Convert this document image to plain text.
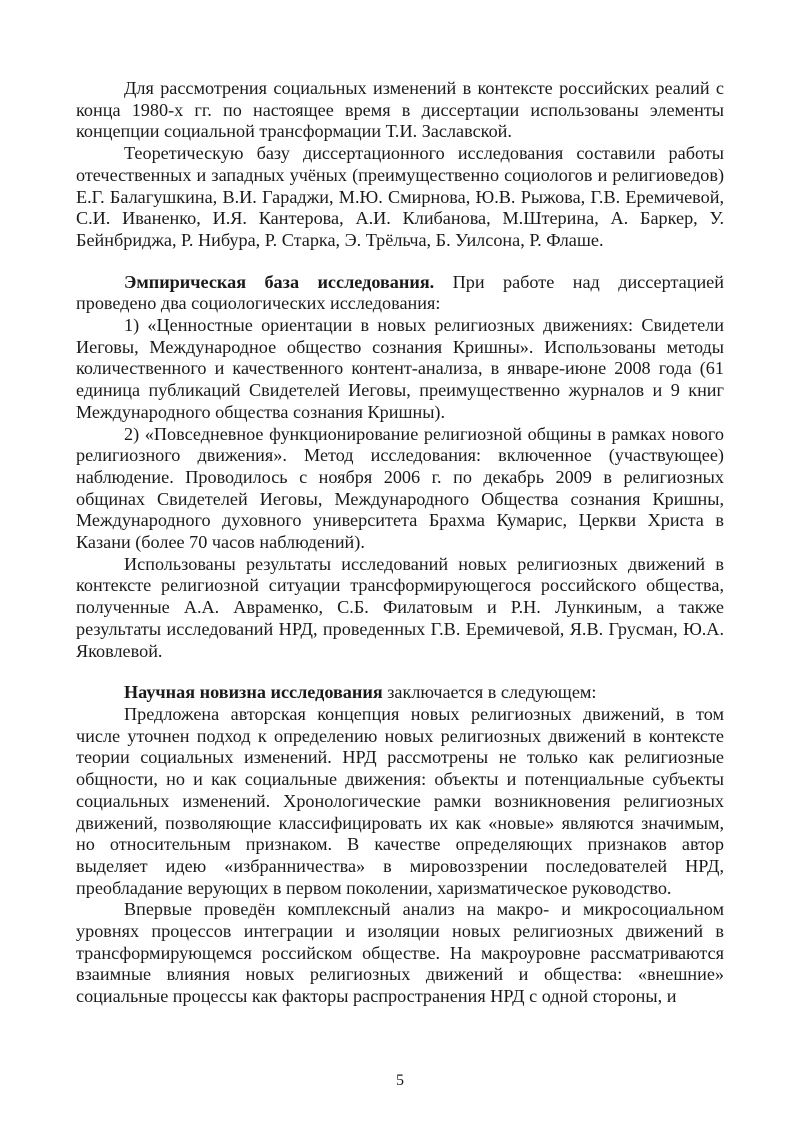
Для рассмотрения социальных изменений в контексте российских реалий с конца 1980-х гг. по настоящее время в диссертации использованы элементы концепции социальной трансформации Т.И. Заславской.

Теоретическую базу диссертационного исследования составили работы отечественных и западных учёных (преимущественно социологов и религиоведов) Е.Г. Балагушкина, В.И. Гараджи, М.Ю. Смирнова, Ю.В. Рыжова, Г.В. Еремичевой, С.И. Иваненко, И.Я. Кантерова, А.И. Клибанова, М.Штерина, А. Баркер, У. Бейнбриджа, Р. Нибура, Р. Старка, Э. Трёльча, Б. Уилсона, Р. Флаше.

Эмпирическая база исследования. При работе над диссертацией проведено два социологических исследования:

1) «Ценностные ориентации в новых религиозных движениях: Свидетели Иеговы, Международное общество сознания Кришны». Использованы методы количественного и качественного контент-анализа, в январе-июне 2008 года (61 единица публикаций Свидетелей Иеговы, преимущественно журналов и 9 книг Международного общества сознания Кришны).

2) «Повседневное функционирование религиозной общины в рамках нового религиозного движения». Метод исследования: включенное (участвующее) наблюдение. Проводилось с ноября 2006 г. по декабрь 2009 в религиозных общинах Свидетелей Иеговы, Международного Общества сознания Кришны, Международного духовного университета Брахма Кумарис, Церкви Христа в Казани (более 70 часов наблюдений).

Использованы результаты исследований новых религиозных движений в контексте религиозной ситуации трансформирующегося российского общества, полученные А.А. Авраменко, С.Б. Филатовым и Р.Н. Лункиным, а также результаты исследований НРД, проведенных Г.В. Еремичевой, Я.В. Грусман, Ю.А. Яковлевой.

Научная новизна исследования заключается в следующем:

Предложена авторская концепция новых религиозных движений, в том числе уточнен подход к определению новых религиозных движений в контексте теории социальных изменений. НРД рассмотрены не только как религиозные общности, но и как социальные движения: объекты и потенциальные субъекты социальных изменений. Хронологические рамки возникновения религиозных движений, позволяющие классифицировать их как «новые» являются значимым, но относительным признаком. В качестве определяющих признаков автор выделяет идею «избранничества» в мировоззрении последователей НРД, преобладание верующих в первом поколении, харизматическое руководство.

Впервые проведён комплексный анализ на макро- и микросоциальном уровнях процессов интеграции и изоляции новых религиозных движений в трансформирующемся российском обществе. На макроуровне рассматриваются взаимные влияния новых религиозных движений и общества: «внешние» социальные процессы как факторы распространения НРД с одной стороны, и

5
